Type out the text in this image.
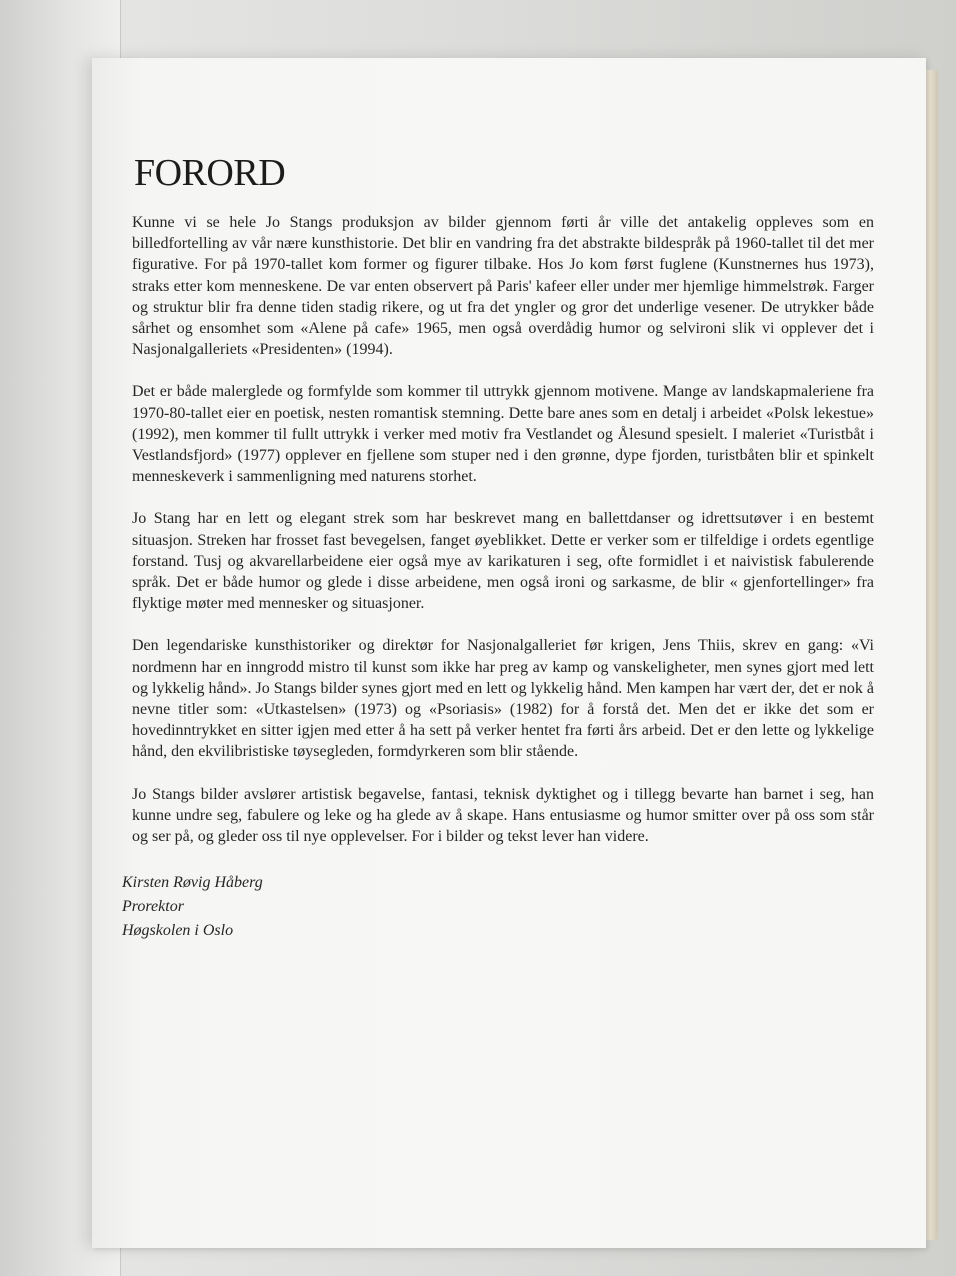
FORORD

Kunne vi se hele Jo Stangs produksjon av bilder gjennom førti år ville det antakelig oppleves som en billedfortelling av vår nære kunsthistorie. Det blir en vandring fra det abstrakte bildespråk på 1960-tallet til det mer figurative. For på 1970-tallet kom former og figurer tilbake. Hos Jo kom først fuglene (Kunstnernes hus 1973), straks etter kom menneskene. De var enten observert på Paris' kafeer eller under mer hjemlige himmelstrøk. Farger og struktur blir fra denne tiden stadig rikere, og ut fra det yngler og gror det underlige vesener. De utrykker både sårhet og ensomhet som «Alene på cafe» 1965, men også overdådig humor og selvironi slik vi opplever det i Nasjonalgalleriets «Presidenten» (1994).

Det er både malerglede og formfylde som kommer til uttrykk gjennom motivene. Mange av landskapmaleriene fra 1970-80-tallet eier en poetisk, nesten romantisk stemning. Dette bare anes som en detalj i arbeidet «Polsk lekestue» (1992), men kommer til fullt uttrykk i verker med motiv fra Vestlandet og Ålesund spesielt. I maleriet «Turistbåt i Vestlandsfjord» (1977) opplever en fjellene som stuper ned i den grønne, dype fjorden, turistbåten blir et spinkelt menneskeverk i sammenligning med naturens storhet.

Jo Stang har en lett og elegant strek som har beskrevet mang en ballettdanser og idrettsutøver i en bestemt situasjon. Streken har frosset fast bevegelsen, fanget øyeblikket. Dette er verker som er tilfeldige i ordets egentlige forstand. Tusj og akvarellarbeidene eier også mye av karikaturen i seg, ofte formidlet i et naivistisk fabulerende språk. Det er både humor og glede i disse arbeidene, men også ironi og sarkasme, de blir « gjenfortellinger» fra flyktige møter med mennesker og situasjoner.

Den legendariske kunsthistoriker og direktør for Nasjonalgalleriet før krigen, Jens Thiis, skrev en gang: «Vi nordmenn har en inngrodd mistro til kunst som ikke har preg av kamp og vanskeligheter, men synes gjort med lett og lykkelig hånd». Jo Stangs bilder synes gjort med en lett og lykkelig hånd. Men kampen har vært der, det er nok å nevne titler som: «Utkastelsen» (1973) og «Psoriasis» (1982) for å forstå det. Men det er ikke det som er hovedinntrykket en sitter igjen med etter å ha sett på verker hentet fra førti års arbeid. Det er den lette og lykkelige hånd, den ekvilibristiske tøysegleden, formdyrkeren som blir stående.

Jo Stangs bilder avslører artistisk begavelse, fantasi, teknisk dyktighet og i tillegg bevarte han barnet i seg, han kunne undre seg, fabulere og leke og ha glede av å skape. Hans entusiasme og humor smitter over på oss som står og ser på, og gleder oss til nye opplevelser. For i bilder og tekst lever han videre.

Kirsten Røvig Håberg
Prorektor
Høgskolen i Oslo
